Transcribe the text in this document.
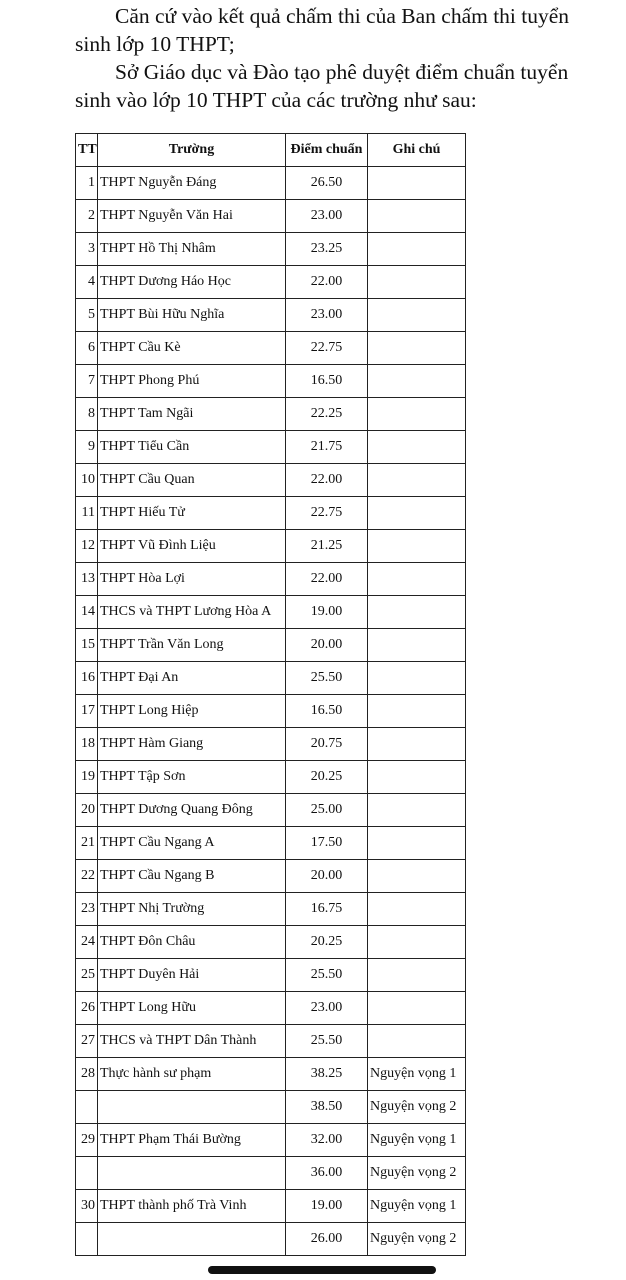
Căn cứ vào kết quả chấm thi của Ban chấm thi tuyển

sinh lớp 10 THPT;

Sở Giáo dục và Đào tạo phê duyệt điểm chuẩn tuyển

sinh vào lớp 10 THPT của các trường như sau:

TT	Trường	Điểm chuẩn	Ghi chú
1	THPT Nguyễn Đáng	26.50	
2	THPT Nguyễn Văn Hai	23.00	
3	THPT Hồ Thị Nhâm	23.25	
4	THPT Dương Háo Học	22.00	
5	THPT Bùi Hữu Nghĩa	23.00	
6	THPT Cầu Kè	22.75	
7	THPT Phong Phú	16.50	
8	THPT Tam Ngãi	22.25	
9	THPT Tiểu Cần	21.75	
10	THPT Cầu Quan	22.00	
11	THPT Hiếu Tử	22.75	
12	THPT Vũ Đình Liệu	21.25	
13	THPT Hòa Lợi	22.00	
14	THCS và THPT Lương Hòa A	19.00	
15	THPT Trần Văn Long	20.00	
16	THPT Đại An	25.50	
17	THPT Long Hiệp	16.50	
18	THPT Hàm Giang	20.75	
19	THPT Tập Sơn	20.25	
20	THPT Dương Quang Đông	25.00	
21	THPT Cầu Ngang A	17.50	
22	THPT Cầu Ngang B	20.00	
23	THPT Nhị Trường	16.75	
24	THPT Đôn Châu	20.25	
25	THPT Duyên Hải	25.50	
26	THPT Long Hữu	23.00	
27	THCS và THPT Dân Thành	25.50	
28	Thực hành sư phạm	38.25	Nguyện vọng 1
		38.50	Nguyện vọng 2
29	THPT Phạm Thái Bường	32.00	Nguyện vọng 1
		36.00	Nguyện vọng 2
30	THPT thành phố Trà Vinh	19.00	Nguyện vọng 1
		26.00	Nguyện vọng 2
